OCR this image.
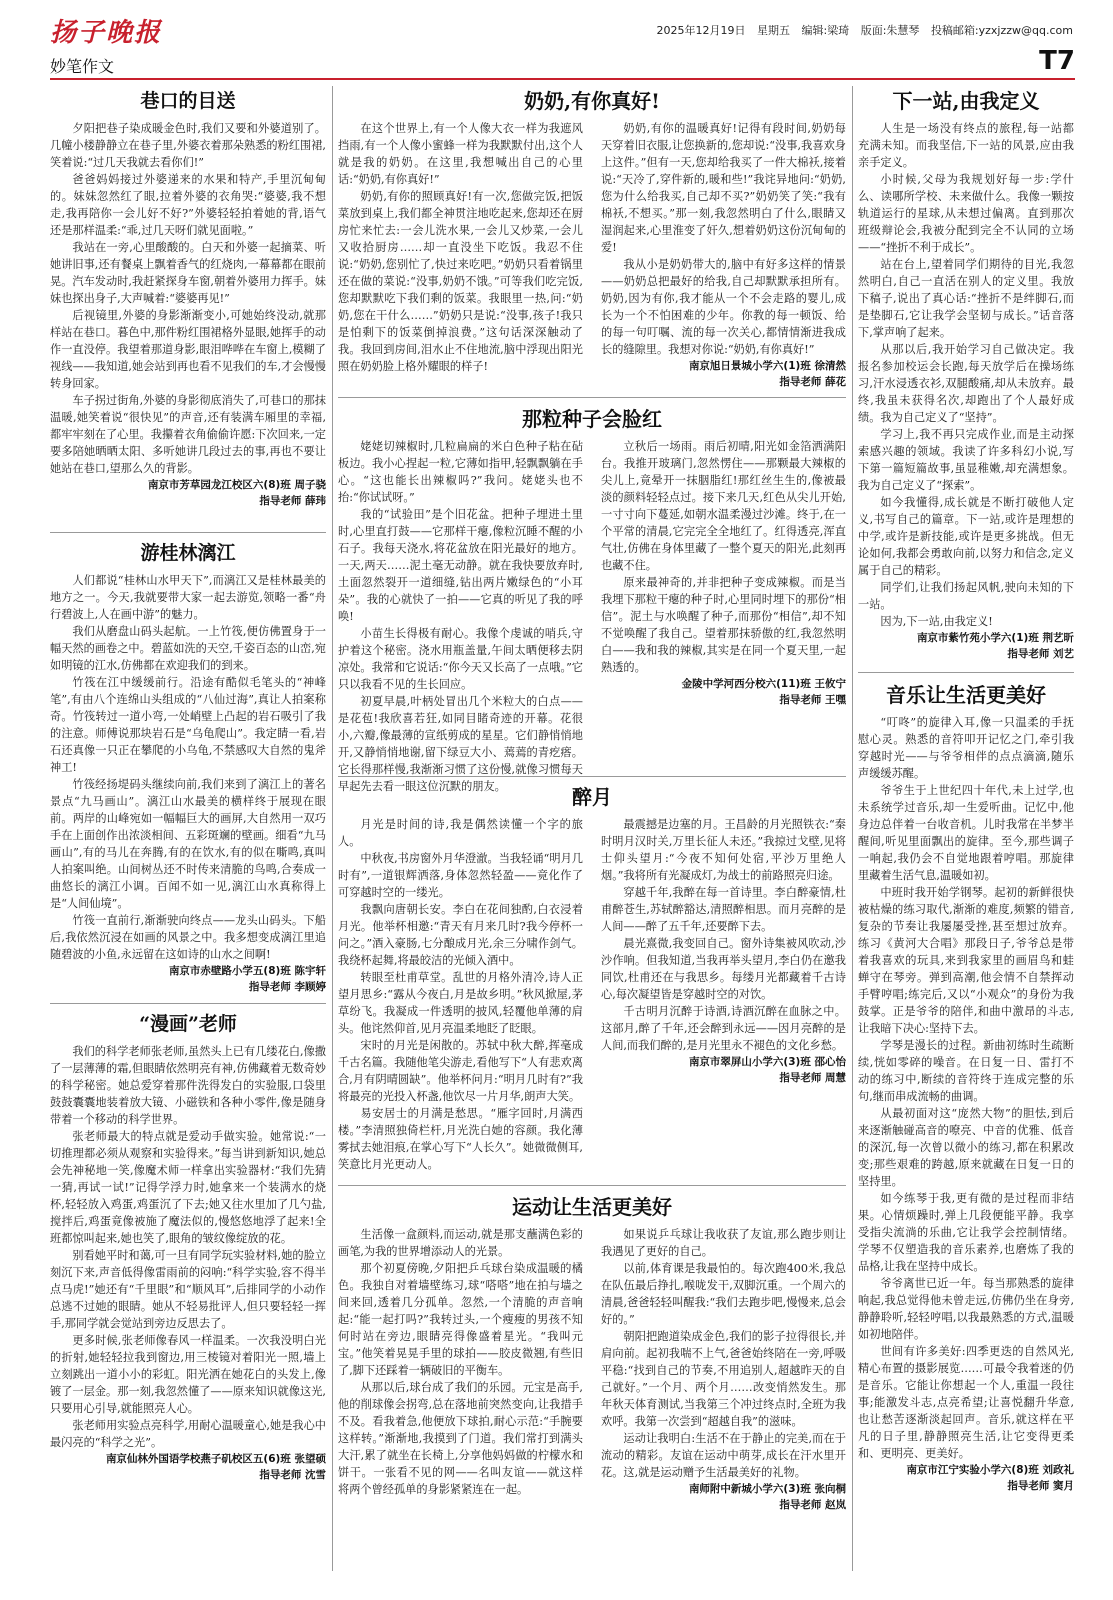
扬子晚报	2025年12月19日 星期五 编辑:梁琦 版面:朱慧琴 投稿邮箱:yzxjzzw@qq.com
妙笔作文	T7
巷口的目送

夕阳把巷子染成暖金色时,我们又要和外婆道别了。几幢小楼静静立在巷子里,外婆衣着那朵熟悉的粉红围裙,笑着说:“过几天我就去看你们!”

爸爸妈妈接过外婆递来的水果和特产,手里沉甸甸的。妹妹忽然红了眼,拉着外婆的衣角哭:“婆婆,我不想走,我再陪你一会儿好不好?”外婆轻轻拍着她的背,语气还是那样温柔:“乖,过几天呀们就见面啦。”

我站在一旁,心里酸酸的。白天和外婆一起摘菜、听她讲旧事,还有餐桌上飘着香气的红烧肉,一幕幕都在眼前晃。汽车发动时,我赶紧探身车窗,朝着外婆用力挥手。妹妹也探出身子,大声喊着:“婆婆再见!”

后视镜里,外婆的身影渐渐变小,可她始终没动,就那样站在巷口。暮色中,那件粉红围裙格外显眼,她挥手的动作一直没停。我望着那道身影,眼泪哗哗在车窗上,模糊了视线——我知道,她会站到再也看不见我们的车,才会慢慢转身回家。

车子拐过街角,外婆的身影彻底消失了,可巷口的那抹温暖,她笑着说“很快见”的声音,还有装满车厢里的幸福,都牢牢刻在了心里。我攥着衣角偷偷许愿:下次回来,一定要多陪她晒晒太阳、多听她讲几段过去的事,再也不要让她站在巷口,望那么久的背影。

南京市芳草园龙江校区六(8)班 周子骁
指导老师 薛玮
游桂林漓江

人们都说“桂林山水甲天下”,而漓江又是桂林最美的地方之一。今天,我就要带大家一起去游览,领略一番“舟行碧波上,人在画中游”的魅力。

我们从磨盘山码头起航。一上竹筏,便仿佛置身于一幅天然的画卷之中。碧蓝如洗的天空,千姿百态的山峦,宛如明镜的江水,仿佛都在欢迎我们的到来。

竹筏在江中缓缓前行。沿途有酷似毛笔头的“神峰笔”,有由八个连绵山头组成的“八仙过海”,真让人拍案称奇。竹筏转过一道小弯,一处峭壁上凸起的岩石吸引了我的注意。师傅说那块岩石是“乌龟爬山”。我定睛一看,岩石还真像一只正在攀爬的小乌龟,不禁感叹大自然的鬼斧神工!

竹筏经扬堤码头继续向前,我们来到了漓江上的著名景点“九马画山”。漓江山水最美的横样终于展现在眼前。两岸的山峰宛如一幅幅巨大的画屏,大自然用一双巧手在上面创作出浓淡相间、五彩斑斓的壁画。细看“九马画山”,有的马儿在奔腾,有的在饮水,有的似在嘶鸣,真叫人拍案叫绝。山间树丛还不时传来清脆的鸟鸣,合奏成一曲悠长的漓江小调。百闻不如一见,漓江山水真称得上是“人间仙境”。

竹筏一直前行,渐渐驶向终点——龙头山码头。下船后,我依然沉浸在如画的风景之中。我多想变成漓江里追随碧波的小鱼,永远留在这如诗的山水之间啊!

南京市赤壁路小学五(8)班 陈宇轩
指导老师 李顾婷
“漫画”老师

我们的科学老师张老师,虽然头上已有几缕花白,像撒了一层薄薄的霜,但眼睛依然明亮有神,仿佛藏着无数奇妙的科学秘密。她总爱穿着那件洗得发白的实验服,口袋里鼓鼓囊囊地装着放大镜、小磁铁和各种小零件,像是随身带着一个移动的科学世界。

张老师最大的特点就是爱动手做实验。她常说:“一切推理都必须从观察和实验得来。”每当讲到新知识,她总会先神秘地一笑,像魔术师一样拿出实验器材:“我们先猜一猜,再试一试!”记得学浮力时,她拿来一个装满水的烧杯,轻轻放入鸡蛋,鸡蛋沉了下去;她又往水里加了几勺盐,搅拌后,鸡蛋竟像被施了魔法似的,慢悠悠地浮了起来!全班都惊叫起来,她也笑了,眼角的皱纹像绽放的花。

别看她平时和蔼,可一旦有同学玩实验材料,她的脸立刻沉下来,声音低得像雷雨前的闷响:“科学实验,容不得半点马虎!”她还有“千里眼”和“顺风耳”,后排同学的小动作总逃不过她的眼睛。她从不轻易批评人,但只要轻轻一挥手,那同学就会觉站到旁边反思去了。

更多时候,张老师像春风一样温柔。一次我没明白光的折射,她轻轻拉我到窗边,用三棱镜对着阳光一照,墙上立刻跳出一道小小的彩虹。阳光洒在她花白的头发上,像镀了一层金。那一刻,我忽然懂了——原来知识就像这光,只要用心引导,就能照亮人心。

张老师用实验点亮科学,用耐心温暖童心,她是我心中最闪亮的“科学之光”。

南京仙林外国语学校燕子矶校区五(6)班 张望硕
指导老师 沈雪
奶奶,有你真好!

在这个世界上,有一个人像大衣一样为我遮风挡雨,有一个人像小蜜蜂一样为我默默付出,这个人就是我的奶奶。在这里,我想喊出自己的心里话:“奶奶,有你真好!”

奶奶,有你的照顾真好!有一次,您做完饭,把饭菜放到桌上,我们都全神贯注地吃起来,您却还在厨房忙来忙去:一会儿洗水果,一会儿又炒菜,一会儿又收拾厨房……却一直没坐下吃饭。我忍不住说:“奶奶,您别忙了,快过来吃吧。”奶奶只看着锅里还在做的菜说:“没事,奶奶不饿。”可等我们吃完饭,您却默默吃下我们剩的饭菜。我眼里一热,问:“奶奶,您在干什么……”奶奶只是说:“没事,孩子!我只是怕剩下的饭菜倒掉浪费。”这句话深深触动了我。我回到房间,泪水止不住地流,脑中浮现出阳光照在奶奶脸上格外耀眼的样子!

奶奶,有你的温暖真好!记得有段时间,奶奶每天穿着旧衣服,让您换新的,您却说:“没事,我喜欢身上这件。”但有一天,您却给我买了一件大棉袄,接着说:“天冷了,穿件新的,暖和些!”我诧异地问:“奶奶,您为什么给我买,自己却不买?”奶奶笑了笑:“我有棉袄,不想买。”那一刻,我忽然明白了什么,眼睛又湿润起来,心里淮变了奸久,想着奶奶这份沉甸甸的爱!

我从小是奶奶带大的,脑中有好多这样的情景——奶奶总把最好的给我,自己却默默承担所有。奶奶,因为有你,我才能从一个不会走路的婴儿,成长为一个不怕困难的少年。你教的每一顿饭、给的每一句叮嘱、流的每一次关心,都情情渐进我成长的缝隙里。我想对你说:“奶奶,有你真好!”

南京旭日景城小学六(1)班 徐清然
指导老师 薛花
那粒种子会脸红

姥姥切辣椒时,几粒扁扁的米白色种子粘在砧板边。我小心捏起一粒,它薄如指甲,轻飘飘躺在手心。“这也能长出辣椒吗?”我问。姥姥头也不抬:“你试试呀。”

我的“试验田”是个旧花盆。把种子埋进土里时,心里直打鼓——它那样干瘪,像粒沉睡不醒的小石子。我每天浇水,将花盆放在阳光最好的地方。一天,两天……泥土毫无动静。就在我快要放弃时,土面忽然裂开一道细缝,钻出两片嫩绿色的“小耳朵”。我的心就快了一拍——它真的听见了我的呼唤!

小苗生长得极有耐心。我像个虔诚的哨兵,守护着这个秘密。浇水用瓶盖量,午间太晒便移去阴凉处。我常和它说话:“你今天又长高了一点哦。”它只以我看不见的生长回应。

初夏早晨,叶柄处冒出几个米粒大的白点——是花苞!我欣喜若狂,如同目睹奇迹的开幕。花很小,六瓣,像最薄的宣纸剪成的星星。它们静悄悄地开,又静悄悄地谢,留下绿豆大小、蔫蔫的青疙瘩。它长得那样慢,我渐渐习惯了这份慢,就像习惯每天早起先去看一眼这位沉默的朋友。

立秋后一场雨。雨后初晴,阳光如金箔洒满阳台。我推开玻璃门,忽然愣住——那颗最大辣椒的尖儿上,竟晕开一抹胭脂红!那红丝生生的,像被最淡的颜料轻轻点过。接下来几天,红色从尖儿开始,一寸寸向下蔓延,如朝水温柔漫过沙滩。终于,在一个平常的清晨,它完完全全地红了。红得透亮,浑直气壮,仿佛在身体里藏了一整个夏天的阳光,此刻再也藏不住。

原来最神奇的,并非把种子变成辣椒。而是当我埋下那粒干瘪的种子时,心里同时埋下的那份“相信”。泥土与水唤醒了种子,而那份“相信”,却不知不觉唤醒了我自己。望着那抹骄傲的红,我忽然明白——我和我的辣椒,其实是在同一个夏天里,一起熟透的。

金陵中学河西分校六(11)班 王攸宁
指导老师 王嘿
醉月

月光是时间的诗,我是偶然读懂一个字的旅人。

中秋夜,书房窗外月华澄澈。当我轻诵“明月几时有”,一道银辉洒落,身体忽然轻盈——竟化作了可穿越时空的一缕光。

我飘向唐朝长安。李白在花间独酌,白衣浸着月光。他举杯相邀:“青天有月来几时?我今停杯一问之。”酒入豪肠,七分酿成月光,余三分啸作剑气。我绕杯起舞,将最皎洁的光倾入酒中。

转眼至杜甫草堂。乱世的月格外清冷,诗人正望月思乡:“露从今夜白,月是故乡明。”秋风掀屋,茅草纷飞。我凝成一件透明的披风,轻覆他单薄的肩头。他诧然仰首,见月亮温柔地眨了眨眼。

宋时的月光是闲散的。苏轼中秋大醉,挥毫成千古名篇。我随他笔尖游走,看他写下“人有悲欢离合,月有阴晴圆缺”。他举杯问月:“明月几时有?”我将最亮的光投入杯盏,他饮尽一片月华,朗声大笑。

易安居士的月满是愁思。“雁字回时,月满西楼。”李清照独倚栏杆,月光洗白她的容颜。我化薄雾拭去她泪痕,在掌心写下“人长久”。她微微侧耳,笑意比月光更动人。

最震撼是边塞的月。王昌龄的月光照铁衣:“秦时明月汉时关,万里长征人未还。”我掠过戈壁,见将士仰头望月:“今夜不知何处宿,平沙万里绝人烟。”我将所有光凝成灯,为战士的前路照亮归途。

穿越千年,我醉在每一首诗里。李白醉豪情,杜甫醉苍生,苏轼醉豁达,清照醉相思。而月亮醉的是人间——醉了五千年,还要醉下去。

晨光熹微,我变回自己。窗外诗集被风吹动,沙沙作响。但我知道,当我再举头望月,李白仍在邀我同饮,杜甫还在与我思乡。每缕月光都藏着千古诗心,每次凝望皆是穿越时空的对饮。

千古明月沉醉于诗酒,诗酒沉醉在血脉之中。这部月,醉了千年,还会醉到永远——因月亮醉的是人间,而我们醉的,是月光里永不褪色的文化乡愁。

南京市翠屏山小学六(3)班 邵心怡
指导老师 周慧
运动让生活更美好

生活像一盒颜料,而运动,就是那支蘸满色彩的画笔,为我的世界增添动人的光景。

那个初夏傍晚,夕阳把乒乓球台染成温暖的橘色。我独自对着墙壁练习,球“嗒嗒”地在拍与墙之间来回,透着几分孤单。忽然,一个清脆的声音响起:“能一起打吗?”我转过头,一个瘦瘦的男孩不知何时站在旁边,眼睛亮得像盛着星光。“我叫元宝。”他笑着晃晃手里的球拍——胶皮微翘,有些旧了,脚下还踩着一辆破旧的平衡车。

从那以后,球台成了我们的乐园。元宝是高手,他的削球像会拐弯,总在落地前突然变向,让我措手不及。看我着急,他便放下球拍,耐心示范:“手腕要这样转。”渐渐地,我摸到了门道。我们常打到满头大汗,累了就坐在长椅上,分享他妈妈做的柠檬水和饼干。一张看不见的网——名叫友谊——就这样将两个曾经孤单的身影紧紧连在一起。

如果说乒乓球让我收获了友谊,那么跑步则让我遇见了更好的自己。

以前,体育课是我最怕的。每次跑400米,我总在队伍最后挣扎,喉咙发干,双脚沉重。一个周六的清晨,爸爸轻轻叫醒我:“我们去跑步吧,慢慢来,总会好的。”

朝阳把跑道染成金色,我们的影子拉得很长,并肩向前。起初我喘不上气,爸爸始终陪在一旁,呼吸平稳:“找到自己的节奏,不用追别人,超越昨天的自己就好。”一个月、两个月……改变悄然发生。那年秋天体育测试,当我第三个冲过终点时,全班为我欢呼。我第一次尝到“超越自我”的滋味。

运动让我明白:生活不在于静止的完美,而在于流动的精彩。友谊在运动中萌芽,成长在汗水里开花。这,就是运动赠予生活最美好的礼物。

南师附中新城小学六(3)班 张向桐
指导老师 赵岚
下一站,由我定义

人生是一场没有终点的旅程,每一站都充满未知。而我坚信,下一站的风景,应由我亲手定义。

小时候,父母为我规划好每一步:学什么、读哪所学校、未来做什么。我像一颗按轨道运行的星球,从未想过偏离。直到那次班级辩论会,我被分配到完全不认同的立场——“挫折不利于成长”。

站在台上,望着同学们期待的目光,我忽然明白,自己一直活在别人的定义里。我放下稿子,说出了真心话:“挫折不是绊脚石,而是垫脚石,它让我学会坚韧与成长。”话音落下,掌声响了起来。

从那以后,我开始学习自己做决定。我报名参加校运会长跑,每天放学后在操场练习,汗水浸透衣衫,双腿酸痛,却从未放弃。最终,我虽未获得名次,却跑出了个人最好成绩。我为自己定义了“坚持”。

学习上,我不再只完成作业,而是主动探索感兴趣的领域。我读了许多科幻小说,写下第一篇短篇故事,虽显稚嫩,却充满想象。我为自己定义了“探索”。

如今我懂得,成长就是不断打破他人定义,书写自己的篇章。下一站,或许是理想的中学,或许是新技能,或许是更多挑战。但无论如何,我都会勇敢向前,以努力和信念,定义属于自己的精彩。

同学们,让我们扬起风帆,驶向未知的下一站。

因为,下一站,由我定义!

南京市紫竹苑小学六(1)班 荆艺昕
指导老师 刘艺
音乐让生活更美好

“叮咚”的旋律入耳,像一只温柔的手抚慰心灵。熟悉的音符叩开记忆之门,牵引我穿越时光——与爷爷相伴的点点滴滴,随乐声缓缓苏醒。

爷爷生于上世纪四十年代,未上过学,也未系统学过音乐,却一生爱听曲。记忆中,他身边总伴着一台收音机。儿时我常在半梦半醒间,听见里面飘出的旋律。至今,那些调子一响起,我仍会不自觉地跟着哼唱。那旋律里藏着生活气息,温暖如初。

中班时我开始学钢琴。起初的新鲜很快被枯燥的练习取代,渐渐的难度,频繁的错音,复杂的节奏让我屡屡受挫,甚至想过放弃。练习《黄河大合唱》那段日子,爷爷总是带着我喜欢的玩具,来到我家里的画眉鸟和蛙蝉守在琴旁。弹到高潮,他会情不自禁挥动手臂哼唱;练完后,又以“小观众”的身份为我鼓掌。正是爷爷的陪伴,和曲中激昂的斗志,让我暗下决心:坚持下去。

学琴是漫长的过程。新曲初练时生疏断续,恍如零碎的噪音。在日复一日、雷打不动的练习中,断续的音符终于连成完整的乐句,继而串成流畅的曲调。

从最初面对这“庞然大物”的胆怯,到后来逐渐触碰高音的嘹亮、中音的优雅、低音的深沉,每一次曾以微小的练习,都在积累改变;那些艰难的跨越,原来就藏在日复一日的坚持里。

如今练琴于我,更有微的是过程而非结果。心情烦躁时,弹上几段便能平静。我享受指尖流淌的乐曲,它让我学会控制情绪。学琴不仅塑造我的音乐素养,也磨炼了我的品格,让我在坚持中成长。

爷爷离世已近一年。每当那熟悉的旋律响起,我总觉得他未曾走远,仿佛仍坐在身旁,静静聆听,轻轻哼唱,以我最熟悉的方式,温暖如初地陪伴。

世间有许多美好:四季更迭的自然风光,精心布置的摄影展览……可最令我着迷的仍是音乐。它能让你想起一个人,重温一段往事;能激发斗志,点亮希望;让喜悦翻升华意,也让愁苦逐渐淡起回声。音乐,就这样在平凡的日子里,静静照亮生活,让它变得更柔和、更明亮、更美好。

南京市江宁实验小学六(8)班 刘政礼
指导老师 窦月
